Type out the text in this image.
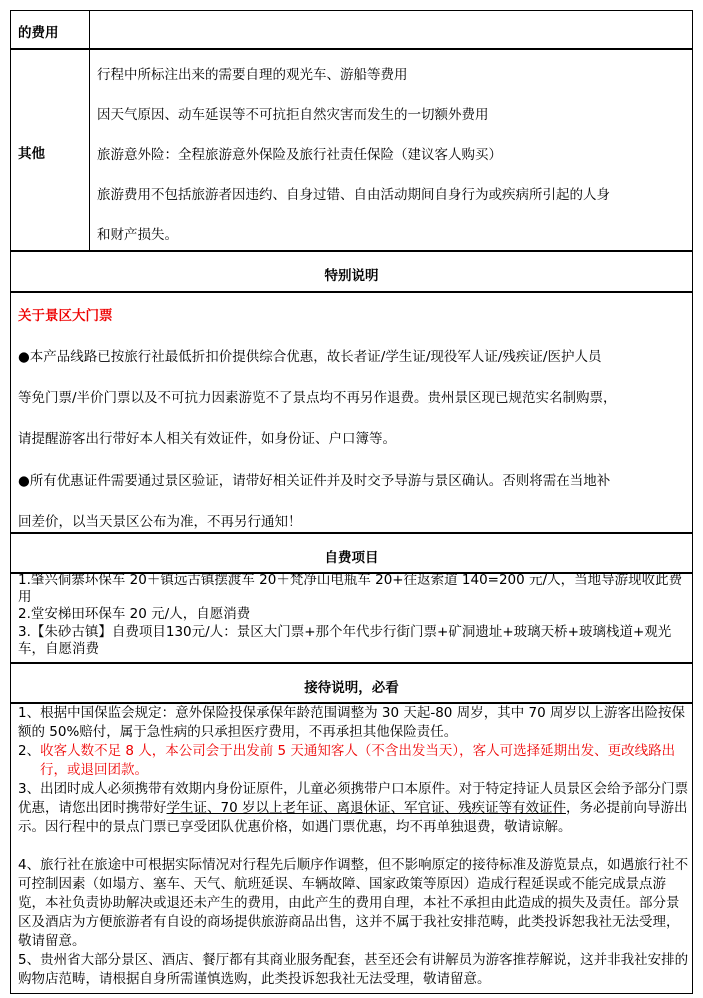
的费用
其他
行程中所标注出来的需要自理的观光车、游船等费用
因天气原因、动车延误等不可抗拒自然灾害而发生的一切额外费用
旅游意外险：全程旅游意外保险及旅行社责任保险（建议客人购买）
旅游费用不包括旅游者因违约、自身过错、自由活动期间自身行为或疾病所引起的人身
和财产损失。
特别说明
关于景区大门票
●本产品线路已按旅行社最低折扣价提供综合优惠，故长者证/学生证/现役军人证/残疾证/医护人员
等免门票/半价门票以及不可抗力因素游览不了景点均不再另作退费。贵州景区现已规范实名制购票，
请提醒游客出行带好本人相关有效证件，如身份证、户口簿等。
●所有优惠证件需要通过景区验证，请带好相关证件并及时交予导游与景区确认。否则将需在当地补
回差价，以当天景区公布为准，不再另行通知！
自费项目
1.肇兴侗寨环保车 20＋镇远古镇摆渡车 20＋梵净山电瓶车 20+往返索道 140=200 元/人，当地导游现收此费用
2.堂安梯田环保车 20 元/人，自愿消费
3.【朱砂古镇】自费项目130元/人：景区大门票+那个年代步行街门票+矿洞遗址+玻璃天桥+玻璃栈道+观光车，自愿消费
接待说明，必看
1、根据中国保监会规定：意外保险投保承保年龄范围调整为 30 天起-80 周岁，其中 70 周岁以上游客出险按保额的 50%赔付，属于急性病的只承担医疗费用，不再承担其他保险责任。
2、收客人数不足 8 人，本公司会于出发前 5 天通知客人（不含出发当天），客人可选择延期出发、更改线路出行，或退回团款。
3、出团时成人必须携带有效期内身份证原件，儿童必须携带户口本原件。对于特定持证人员景区会给予部分门票优惠，请您出团时携带好学生证、70 岁以上老年证、离退休证、军官证、残疾证等有效证件，务必提前向导游出示。因行程中的景点门票已享受团队优惠价格，如遇门票优惠，均不再单独退费，敬请谅解。
4、旅行社在旅途中可根据实际情况对行程先后顺序作调整，但不影响原定的接待标准及游览景点，如遇旅行社不可控制因素（如塌方、塞车、天气、航班延误、车辆故障、国家政策等原因）造成行程延误或不能完成景点游览，本社负责协助解决或退还未产生的费用，由此产生的费用自理，本社不承担由此造成的损失及责任。部分景区及酒店为方便旅游者有自设的商场提供旅游商品出售，这并不属于我社安排范畴，此类投诉恕我社无法受理，敬请留意。
5、贵州省大部分景区、酒店、餐厅都有其商业服务配套，甚至还会有讲解员为游客推荐解说，这并非我社安排的购物店范畴，请根据自身所需谨慎选购，此类投诉恕我社无法受理，敬请留意。
